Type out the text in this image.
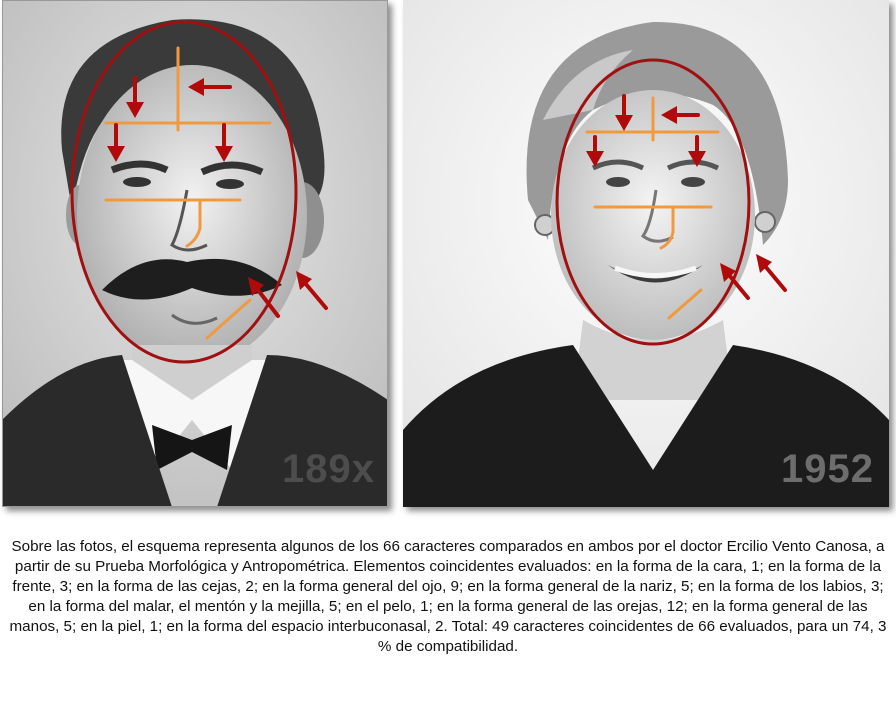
189x	1952
Sobre las fotos, el esquema representa algunos de los 66 caracteres comparados en ambos por el doctor Ercilio Vento Canosa, a partir de su Prueba Morfológica y Antropométrica. Elementos coincidentes evaluados: en la forma de la cara, 1; en la forma de la frente, 3; en la forma de las cejas, 2; en la forma general del ojo, 9; en la forma general de la nariz, 5; en la forma de los labios, 3; en la forma del malar, el mentón y la mejilla, 5; en el pelo, 1; en la forma general de las orejas, 12; en la forma general de las manos, 5; en la piel, 1; en la forma del espacio interbuconasal, 2. Total: 49 caracteres coincidentes de 66 evaluados, para un 74, 3 % de compatibilidad.
